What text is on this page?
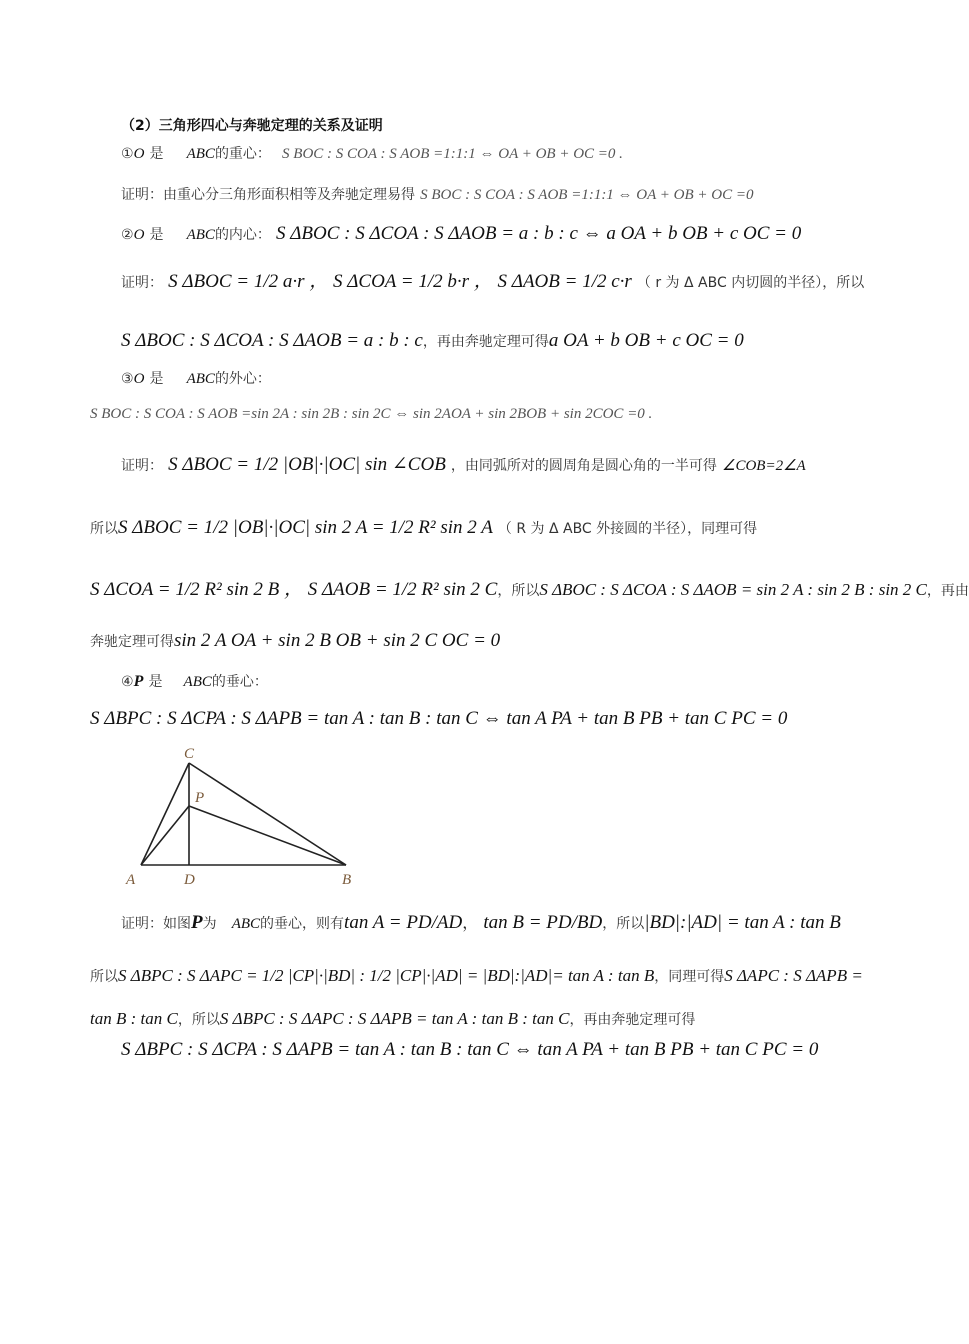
（2）三角形四心与奔驰定理的关系及证明
①O 是 ABC的重心： S BOC : S COA : S AOB =1:1:1 ⇔ OA + OB + OC =0 .
证明：由重心分三角形面积相等及奔驰定理易得 S BOC : S COA : S AOB =1:1:1 ⇔ OA + OB + OC =0
②O 是 ABC的内心： S ΔBOC : S ΔCOA : S ΔAOB = a : b : c ⇔ a OA + b OB + c OC = 0
证明： S ΔBOC = 1/2 a·r ， S ΔCOA = 1/2 b·r ， S ΔAOB = 1/2 c·r （ r 为 Δ ABC 内切圆的半径），所以
S ΔBOC : S ΔCOA : S ΔAOB = a : b : c，再由奔驰定理可得a OA + b OB + c OC = 0
③O 是 ABC的外心：
S BOC : S COA : S AOB =sin 2A : sin 2B : sin 2C ⇔ sin 2AOA + sin 2BOB + sin 2COC =0 .
证明： S ΔBOC = 1/2 |OB|·|OC| sin ∠COB ，由同弧所对的圆周角是圆心角的一半可得 ∠COB=2∠A
所以S ΔBOC = 1/2 |OB|·|OC| sin 2 A = 1/2 R² sin 2 A （ R 为 Δ ABC 外接圆的半径），同理可得
S ΔCOA = 1/2 R² sin 2 B ， S ΔAOB = 1/2 R² sin 2 C，所以S ΔBOC : S ΔCOA : S ΔAOB = sin 2 A : sin 2 B : sin 2 C，再由
奔驰定理可得sin 2 A OA + sin 2 B OB + sin 2 C OC = 0
④P 是 ABC的垂心：
S ΔBPC : S ΔCPA : S ΔAPB = tan A : tan B : tan C ⇔ tan A PA + tan B PB + tan C PC = 0
C
P
A	D	B
证明：如图P为 ABC的垂心，则有tan A = PD/AD， tan B = PD/BD，所以|BD|:|AD| = tan A : tan B
所以S ΔBPC : S ΔAPC = 1/2 |CP|·|BD| : 1/2 |CP|·|AD| = |BD|:|AD|= tan A : tan B，同理可得S ΔAPC : S ΔAPB =
tan B : tan C，所以S ΔBPC : S ΔAPC : S ΔAPB = tan A : tan B : tan C，再由奔驰定理可得
S ΔBPC : S ΔCPA : S ΔAPB = tan A : tan B : tan C ⇔ tan A PA + tan B PB + tan C PC = 0
